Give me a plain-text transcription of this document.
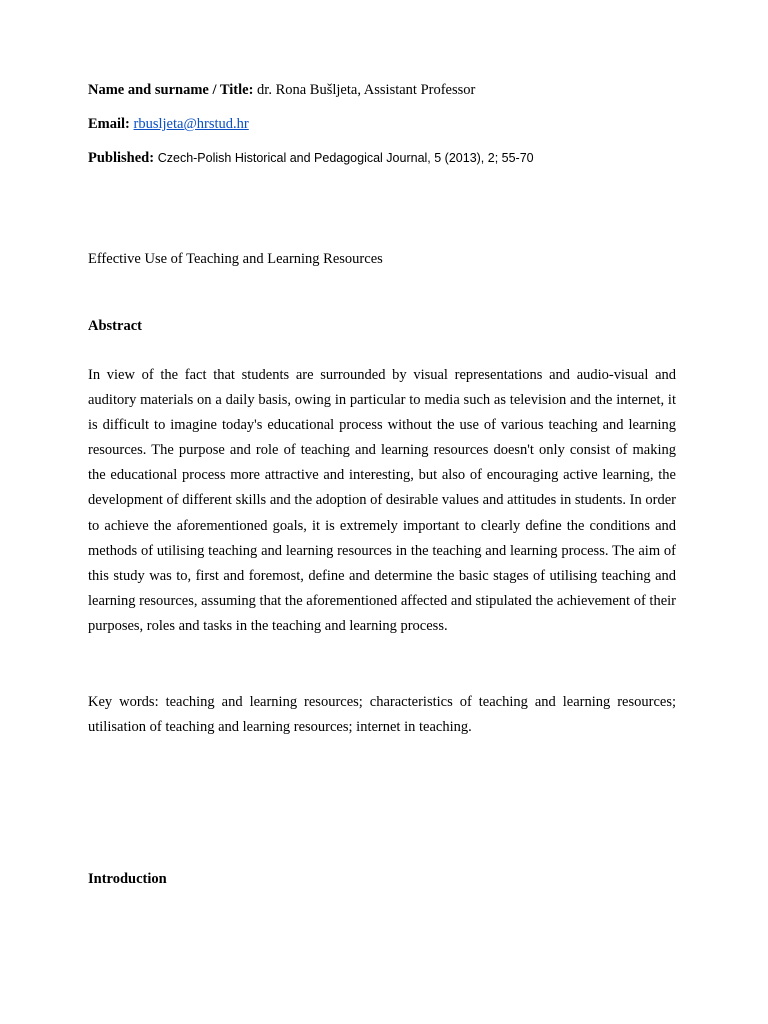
Name and surname / Title: dr. Rona Bušljeta, Assistant Professor
Email: rbusljeta@hrstud.hr
Published: Czech-Polish Historical and Pedagogical Journal, 5 (2013), 2; 55-70
Effective Use of Teaching and Learning Resources
Abstract

In view of the fact that students are surrounded by visual representations and audio-visual and auditory materials on a daily basis, owing in particular to media such as television and the internet, it is difficult to imagine today's educational process without the use of various teaching and learning resources. The purpose and role of teaching and learning resources doesn't only consist of making the educational process more attractive and interesting, but also of encouraging active learning, the development of different skills and the adoption of desirable values and attitudes in students. In order to achieve the aforementioned goals, it is extremely important to clearly define the conditions and methods of utilising teaching and learning resources in the teaching and learning process. The aim of this study was to, first and foremost, define and determine the basic stages of utilising teaching and learning resources, assuming that the aforementioned affected and stipulated the achievement of their purposes, roles and tasks in the teaching and learning process.

Key words: teaching and learning resources; characteristics of teaching and learning resources; utilisation of teaching and learning resources; internet in teaching.

Introduction
